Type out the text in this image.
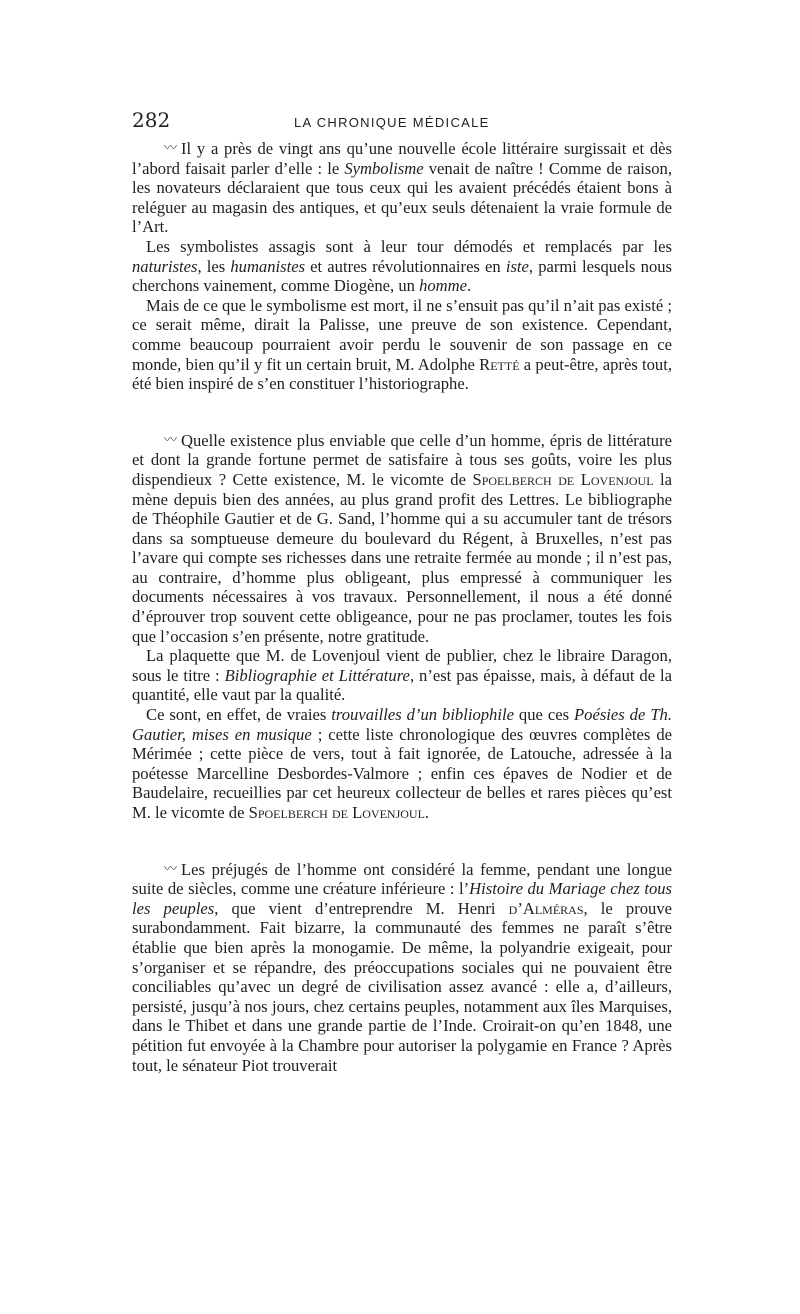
282	LA CHRONIQUE MÉDICALE

〰 Il y a près de vingt ans qu’une nouvelle école littéraire surgissait et dès l’abord faisait parler d’elle : le Symbolisme venait de naître ! Comme de raison, les novateurs déclaraient que tous ceux qui les avaient précédés étaient bons à reléguer au magasin des antiques, et qu’eux seuls détenaient la vraie formule de l’Art.

Les symbolistes assagis sont à leur tour démodés et remplacés par les naturistes, les humanistes et autres révolutionnaires en iste, parmi lesquels nous cherchons vainement, comme Diogène, un homme.

Mais de ce que le symbolisme est mort, il ne s’ensuit pas qu’il n’ait pas existé ; ce serait même, dirait la Palisse, une preuve de son existence. Cependant, comme beaucoup pourraient avoir perdu le souvenir de son passage en ce monde, bien qu’il y fit un certain bruit, M. Adolphe Retté a peut-être, après tout, été bien inspiré de s’en constituer l’historiographe.

〰 Quelle existence plus enviable que celle d’un homme, épris de littérature et dont la grande fortune permet de satisfaire à tous ses goûts, voire les plus dispendieux ? Cette existence, M. le vicomte de Spoelberch de Lovenjoul la mène depuis bien des années, au plus grand profit des Lettres. Le bibliographe de Théophile Gautier et de G. Sand, l’homme qui a su accumuler tant de trésors dans sa somptueuse demeure du boulevard du Régent, à Bruxelles, n’est pas l’avare qui compte ses richesses dans une retraite fermée au monde ; il n’est pas, au contraire, d’homme plus obligeant, plus empressé à communiquer les documents nécessaires à vos travaux. Personnellement, il nous a été donné d’éprouver trop souvent cette obligeance, pour ne pas proclamer, toutes les fois que l’occasion s’en présente, notre gratitude.

La plaquette que M. de Lovenjoul vient de publier, chez le libraire Daragon, sous le titre : Bibliographie et Littérature, n’est pas épaisse, mais, à défaut de la quantité, elle vaut par la qualité.

Ce sont, en effet, de vraies trouvailles d’un bibliophile que ces Poésies de Th. Gautier, mises en musique ; cette liste chronologique des œuvres complètes de Mérimée ; cette pièce de vers, tout à fait ignorée, de Latouche, adressée à la poétesse Marcelline Desbordes-Valmore ; enfin ces épaves de Nodier et de Baudelaire, recueillies par cet heureux collecteur de belles et rares pièces qu’est M. le vicomte de Spoelberch de Lovenjoul.

〰 Les préjugés de l’homme ont considéré la femme, pendant une longue suite de siècles, comme une créature inférieure : l’Histoire du Mariage chez tous les peuples, que vient d’entreprendre M. Henri d’Alméras, le prouve surabondamment. Fait bizarre, la communauté des femmes ne paraît s’être établie que bien après la monogamie. De même, la polyandrie exigeait, pour s’organiser et se répandre, des préoccupations sociales qui ne pouvaient être conciliables qu’avec un degré de civilisation assez avancé : elle a, d’ailleurs, persisté, jusqu’à nos jours, chez certains peuples, notamment aux îles Marquises, dans le Thibet et dans une grande partie de l’Inde. Croirait-on qu’en 1848, une pétition fut envoyée à la Chambre pour autoriser la polygamie en France ? Après tout, le sénateur Piot trouverait
